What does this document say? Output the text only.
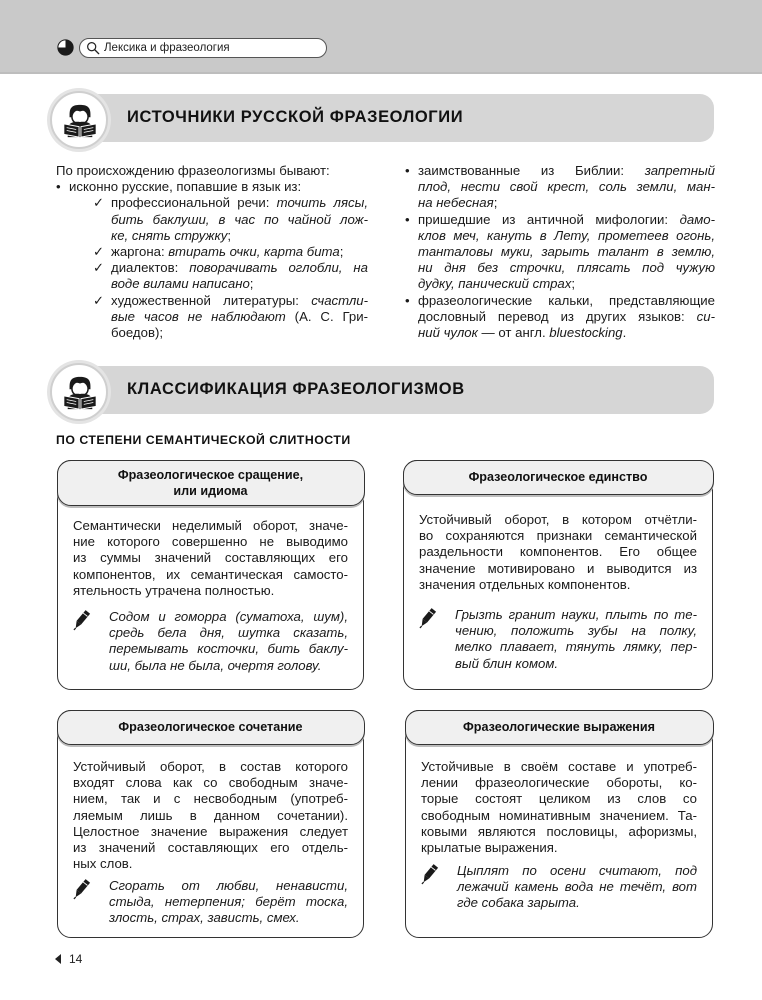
Лексика и фразеология
ИСТОЧНИКИ РУССКОЙ ФРАЗЕОЛОГИИ
По происхождению фразеологизмы бывают:
• исконно русские, попавшие в язык из:
✓ профессиональной речи: точить лясы,
бить баклуши, в час по чайной лож-
ке, снять стружку;
✓ жаргона: втирать очки, карта бита;
✓ диалектов: поворачивать оглобли, на
воде вилами написано;
✓ художественной литературы: счастли-
вые часов не наблюдают (А. С. Гри-
боедов);
• заимствованные из Библии: запретный
плод, нести свой крест, соль земли, ман-
на небесная;
• пришедшие из античной мифологии: дамо-
клов меч, кануть в Лету, прометеев огонь,
танталовы муки, зарыть талант в землю,
ни дня без строчки, плясать под чужую
дудку, панический страх;
• фразеологические кальки, представляющие
дословный перевод из других языков: си-
ний чулок — от англ. bluestocking.
КЛАССИФИКАЦИЯ ФРАЗЕОЛОГИЗМОВ
ПО СТЕПЕНИ СЕМАНТИЧЕСКОЙ СЛИТНОСТИ
Фразеологическое сращение,
или идиома
Семантически неделимый оборот, значе-
ние которого совершенно не выводимо
из суммы значений составляющих его
компонентов, их семантическая самосто-
ятельность утрачена полностью.
Содом и гоморра (суматоха, шум),
средь бела дня, шутка сказать,
перемывать косточки, бить баклу-
ши, была не была, очертя голову.
Фразеологическое единство
Устойчивый оборот, в котором отчётли-
во сохраняются признаки семантической
раздельности компонентов. Его общее
значение мотивировано и выводится из
значения отдельных компонентов.
Грызть гранит науки, плыть по те-
чению, положить зубы на полку,
мелко плавает, тянуть лямку, пер-
вый блин комом.
Фразеологическое сочетание
Устойчивый оборот, в состав которого
входят слова как со свободным значе-
нием, так и с несвободным (употреб-
ляемым лишь в данном сочетании).
Целостное значение выражения следует
из значений составляющих его отдель-
ных слов.
Сгорать от любви, ненависти,
стыда, нетерпения; берёт тоска,
злость, страх, зависть, смех.
Фразеологические выражения
Устойчивые в своём составе и употреб-
лении фразеологические обороты, ко-
торые состоят целиком из слов со
свободным номинативным значением. Та-
ковыми являются пословицы, афоризмы,
крылатые выражения.
Цыплят по осени считают, под
лежачий камень вода не течёт, вот
где собака зарыта.
14
